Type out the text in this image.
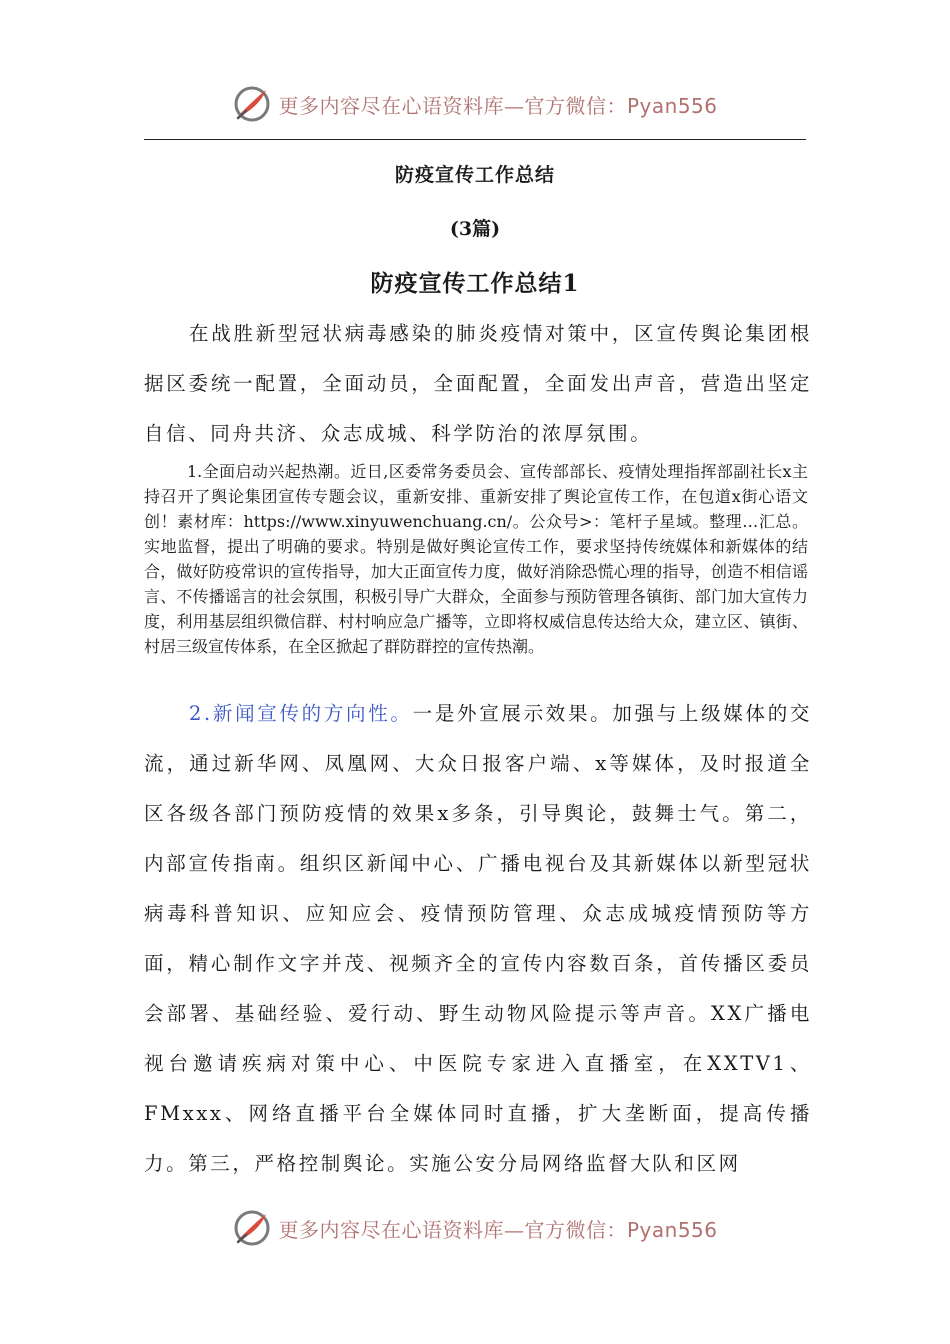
更多内容尽在心语资料库—官方微信：Pyan556
防疫宣传工作总结
(3篇)
防疫宣传工作总结1

在战胜新型冠状病毒感染的肺炎疫情对策中，区宣传舆论集团根据区委统一配置，全面动员，全面配置，全面发出声音，营造出坚定自信、同舟共济、众志成城、科学防治的浓厚氛围。

1.全面启动兴起热潮。近日,区委常务委员会、宣传部部长、疫情处理指挥部副社长x主持召开了舆论集团宣传专题会议，重新安排、重新安排了舆论宣传工作，在包道x街心语文创！素材库：https://www.xinyuwenchuang.cn/。公众号>：笔杆子星域。整理…汇总。实地监督，提出了明确的要求。特别是做好舆论宣传工作，要求坚持传统媒体和新媒体的结合，做好防疫常识的宣传指导，加大正面宣传力度，做好消除恐慌心理的指导，创造不相信谣言、不传播谣言的社会氛围，积极引导广大群众，全面参与预防管理各镇街、部门加大宣传力度，利用基层组织微信群、村村响应急广播等，立即将权威信息传达给大众，建立区、镇街、村居三级宣传体系，在全区掀起了群防群控的宣传热潮。

2.新闻宣传的方向性。一是外宣展示效果。加强与上级媒体的交流，通过新华网、凤凰网、大众日报客户端、x等媒体，及时报道全区各级各部门预防疫情的效果x多条，引导舆论，鼓舞士气。第二，内部宣传指南。组织区新闻中心、广播电视台及其新媒体以新型冠状病毒科普知识、应知应会、疫情预防管理、众志成城疫情预防等方面，精心制作文字并茂、视频齐全的宣传内容数百条，首传播区委员会部署、基础经验、爱行动、野生动物风险提示等声音。XX广播电视台邀请疾病对策中心、中医院专家进入直播室，在XXTV1、FMxxx、网络直播平台全媒体同时直播，扩大垄断面，提高传播力。第三，严格控制舆论。实施公安分局网络监督大队和区网

更多内容尽在心语资料库—官方微信：Pyan556
